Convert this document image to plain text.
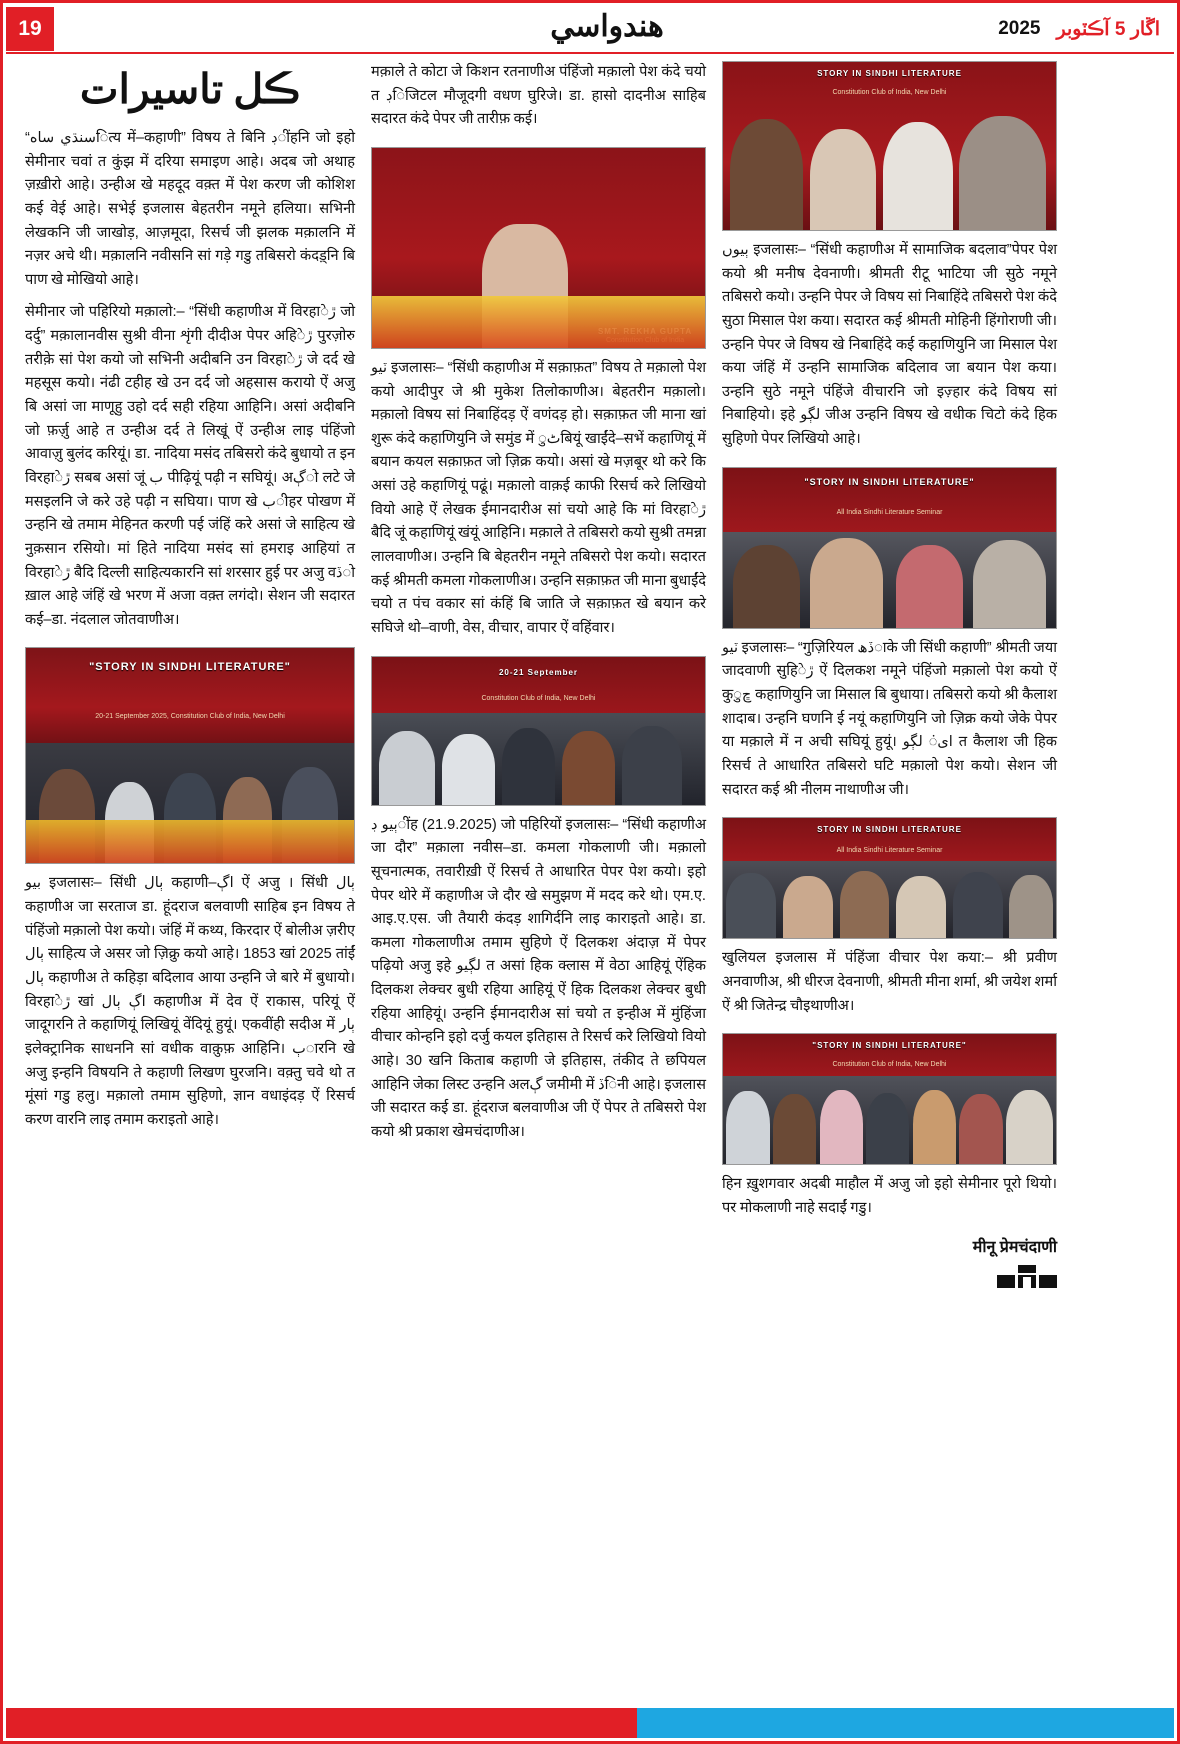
19	هندواسي	2025 اڱار 5 آڪٽوبر
ڪل تاسيرات

“سنڌي ساهित्य में–कहाणी” विषय ते बिनि ڊींहनि जो इहो सेमीनार चवां त कुंझ में दरिया समाइण आहे। अदब जो अथाह ज़ख़ीरो आहे। उन्हीअ खे महदूद वक़्त में पेश करण जी कोशिश कई वेई आहे। सभेई इजलास बेहतरीन नमूने हलिया। सभिनी लेखकनि जी जाखोड़, आज़मूदा, रिसर्च जी झलक मक़ालनि में नज़र अचे थी। मक़ालनि नवीसनि सां गड़े गडु तबिसरो कंदड़्नि बि पाण खे मोखियो आहे।

सेमीनार जो पहिरियो मक़ालो:– “सिंधी कहाणीअ में विरहाڙे जो दर्दु” मक़ालानवीस सुश्री वीना शृंगी दीदीअ पेपर अहिڙे पुरज़ोरु तरीक़े सां पेश कयो जो सभिनी अदीबनि उन विरहाڙे जे दर्द खे महसूस कयो। नंढी टहीह खे उन दर्द जो अहसास करायो ऐं अजु बि असां जा माणूहु उहो दर्द सही रहिया आहिनि। असां अदीबनि जो फ़र्ज़ु आहे त उन्हीअ दर्द ते लिखूं ऐं उन्हीअ लाइ पंहिंजो आवाज़ु बुलंद करियूं। डा. नादिया मसंद तबिसरो कंदे बुधायो त इन विरहाڙे सबब असां जूं ب पीढ़ियूं पढ़ी न सघियूं। अڳो लटे जे मसइलनि जे करे उहे पढ़ी न सघिया। पाण खे بीहर पोखण में उन्हनि खे तमाम मेहिनत करणी पई जंहिं करे असां जे साहित्य खे नुक़सान रसियो। मां हिते नादिया मसंद सां हमराइ आहियां त विरहाڙे बैदि दिल्ली साहित्यकारनि सां शरसार हुई पर अजु वڏो ख़ाल आहे जंहिं खे भरण में अजा वक़्त लगंदो। सेशन जी सदारत कई–डा. नंदलाल जोतवाणीअ।

"STORY IN SINDHI LITERATURE"
20-21 September 2025, Constitution Club of India, New Delhi

بیو इजलासः– सिंधी ٻال कहाणी–اڳ ऐं अजु । सिंधी ٻال कहाणीअ जा सरताज डा. हूंदराज बलवाणी साहिब इन विषय ते पंहिंजो मक़ालो पेश कयो। जंहिं में कथ्य, किरदार ऐं बोलीअ ज़रीए ٻال साहित्य जे असर जो ज़िक्रु कयो आहे। 1853 खां 2025 तांईं ٻال कहाणीअ ते कहिड़ा बदिलाव आया उन्हनि जे बारे में बुधायो। विरहाڙे खां اڳ ٻال कहाणीअ में देव ऐं राकास, परियूं ऐं जादूगरनि ते कहाणियूं लिखियूं वेंदियूं हुयूं। एकवींही सदीअ में ٻار इलेक्ट्रानिक साधननि सां वधीक वाक़ुफ़ आहिनि। ٻारनि खे अजु इन्हनि विषयनि ते कहाणी लिखण घुरजनि। वक़्तु चवे थो त मूंसां गडु हलु। मक़ालो तमाम सुहिणो, ज्ञान वधाइंदड़ ऐं रिसर्च करण वारनि लाइ तमाम कराइतो आहे।

मक़ाले ते कोटा जे किशन रतनाणीअ पंहिंजो मक़ालो पेश कंदे चयो त ڊिजिटल मौजूदगी वधण घुरिजे। डा. हासो दादनीअ साहिब सदारत कंदे पेपर जी तारीफ़ कई।

ٽیو इजलासः– “सिंधी कहाणीअ में सक़ाफ़त” विषय ते मक़ालो पेश कयो आदीपुर जे श्री मुकेश तिलोकाणीअ। बेहतरीन मक़ालो। मक़ालो विषय सां निबाहिंदड़ ऐं वणंदड़ हो। सक़ाफ़त जी माना खां शुरू कंदे कहाणियुनि जे समुंड में ٹुबियूं खाईंदे–सभें कहाणियूं में बयान कयल सक़ाफ़त जो ज़िक्र कयो। असां खे मज़बूर थो करे कि असां उहे कहाणियूं पढूं। मक़ालो वाक़ई काफी रिसर्च करे लिखियो वियो आहे ऐं लेखक ईमानदारीअ सां चयो आहे कि मां विरहाڙे बैदि जूं कहाणियूं खंयूं आहिनि। मक़ाले ते तबिसरो कयो सुश्री तमन्ना लालवाणीअ। उन्हनि बि बेहतरीन नमूने तबिसरो पेश कयो। सदारत कई श्रीमती कमला गोकलाणीअ। उन्हनि सक़ाफ़त जी माना बुधाईंदे चयो त पंच वकार सां कंहिं बि जाति जे सक़ाफ़त खे बयान करे सघिजे थो–वाणी, वेस, वीचार, वापार ऐं वहिंवार।

20-21 September
Constitution Club of India, New Delhi

ٻیو ڊींह (21.9.2025) जो पहिरियों इजलासः– “सिंधी कहाणीअ जा दौर” मक़ाला नवीस–डा. कमला गोकलाणी जी। मक़ालो सूचनात्मक, तवारीख़ी ऐं रिसर्च ते आधारित पेपर पेश कयो। इहो पेपर थोरे में कहाणीअ जे दौर खे समुझण में मदद करे थो। एम.ए. आइ.ए.एस. जी तैयारी कंदड़ शागिर्दनि लाइ काराइतो आहे। डा. कमला गोकलाणीअ तमाम सुहिणे ऐं दिलकश अंदाज़ में पेपर पढ़ियो अजु इहे لڳیو त असां हिक क्लास में वेठा आहियूं ऐंहिक दिलकश लेक्चर बुधी रहिया आहियूं ऐं हिक दिलकश लेक्चर बुधी रहिया आहियूं। उन्हनि ईमानदारीअ सां चयो त इन्हीअ में मुंहिंजा वीचार कोन्हनि इहो दर्जु कयल इतिहास ते रिसर्च करे लिखियो वियो आहे। 30 खनि किताब कहाणी जे इतिहास, तंकीद ते छपियल आहिनि जेका लिस्ट उन्हनि अलڳ जमीमी में ڏिनी आहे। इजलास जी सदारत कई डा. हूंदराज बलवाणीअ जी ऐं पेपर ते तबिसरो पेश कयो श्री प्रकाश खेमचंदाणीअ।

STORY IN SINDHI LITERATURE
Constitution Club of India, New Delhi

ٻیوں इजलासः– “सिंधी कहाणीअ में सामाजिक बदलाव”पेपर पेश कयो श्री मनीष देवनाणी। श्रीमती रीटू भाटिया जी सुठे नमूने तबिसरो कयो। उन्हनि पेपर जे विषय सां निबाहिंदे तबिसरो पेश कंदे सुठा मिसाल पेश कया। सदारत कई श्रीमती मोहिनी हिंगोराणी जी। उन्हनि पेपर जे विषय खे निबाहिंदे कई कहाणियुनि जा मिसाल पेश कया जंहिं में उन्हनि सामाजिक बदिलाव जा बयान पेश कया। उन्हनि सुठे नमूने पंहिंजे वीचारनि जो इज़्हार कंदे विषय सां निबाहियो। इहे لڳو जीअ उन्हनि विषय खे वधीक चिटो कंदे हिक सुहिणो पेपर लिखियो आहे।

"STORY IN SINDHI LITERATURE"
All India Sindhi Literature Seminar

ٽیو इजलासः– “गुज़िरियल ڏھाके जी सिंधी कहाणी” श्रीमती जया जादवाणी सुहिڙे ऐं दिलकश नमूने पंहिंजो मक़ालो पेश कयो ऐं कुڇु कहाणियुनि जा मिसाल बि बुधाया। तबिसरो कयो श्री कैलाश शादाब। उन्हनि घणनि ई नयूं कहाणियुनि जो ज़िक्र कयो जेके पेपर या मक़ाले में न अची सघियूं हुयूं। ایं لڳو त कैलाश जी हिक रिसर्च ते आधारित तबिसरो घटि मक़ालो पेश कयो। सेशन जी सदारत कई श्री नीलम नाथाणीअ जी।

STORY IN SINDHI LITERATURE
All India Sindhi Literature Seminar

खुलियल इजलास में पंहिंजा वीचार पेश कया:– श्री प्रवीण अनवाणीअ, श्री धीरज देवनाणी, श्रीमती मीना शर्मा, श्री जयेश शर्मा ऐं श्री जितेन्द्र चौइथाणीअ।

"STORY IN SINDHI LITERATURE"
Constitution Club of India, New Delhi

हिन ख़ुशगवार अदबी माहौल में अजु जो इहो सेमीनार पूरो थियो। पर मोकलाणी नाहे सदाईं गडु।

मीनू प्रेमचंदाणी
